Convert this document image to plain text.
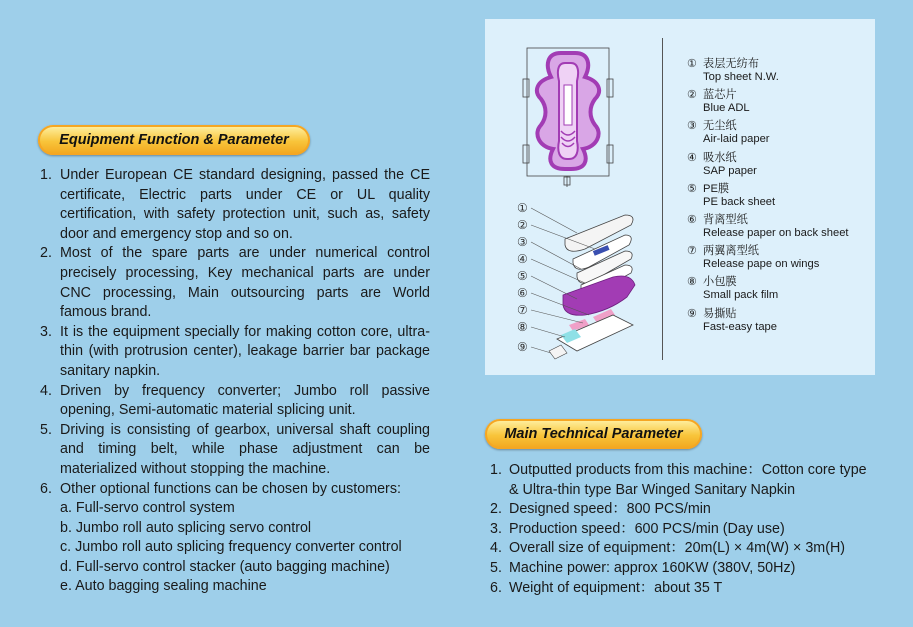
Equipment Function & Parameter
1. Under European CE standard designing, passed the CE certificate, Electric parts under CE or UL quality certification, with safety protection unit, such as, safety door and emergency stop and so on.
2. Most of the spare parts are under numerical control precisely processing, Key mechanical parts are under CNC processing, Main outsourcing parts are World famous brand.
3. It is the equipment specially for making cotton core, ultra-thin (with protrusion center), leakage barrier bar package sanitary napkin.
4. Driven by frequency converter; Jumbo roll passive opening, Semi-automatic material splicing unit.
5. Driving is consisting of gearbox, universal shaft coupling and timing belt, while phase adjustment can be materialized without stopping the machine.
6. Other optional functions can be chosen by customers:
a. Full-servo control system
b. Jumbo roll auto splicing servo control
c. Jumbo roll auto splicing frequency converter control
d. Full-servo control stacker (auto bagging machine)
e. Auto bagging sealing machine
①
②
③
④
⑤
⑥
⑦
⑧
⑨
① 表层无纺布
Top sheet N.W.
② 蓝芯片
Blue ADL
③ 无尘纸
Air-laid paper
④ 吸水纸
SAP paper
⑤ PE膜
PE back sheet
⑥ 背离型纸
Release paper on back sheet
⑦ 两翼离型纸
Release pape on wings
⑧ 小包膜
Small pack film
⑨ 易撕贴
Fast-easy tape
Main Technical Parameter
1. Outputted products from this machine：Cotton core type & Ultra-thin type Bar Winged Sanitary Napkin
2. Designed speed：800 PCS/min
3. Production speed：600 PCS/min (Day use)
4. Overall size of equipment：20m(L) × 4m(W) × 3m(H)
5. Machine power: approx 160KW (380V, 50Hz)
6. Weight of equipment：about 35 T
